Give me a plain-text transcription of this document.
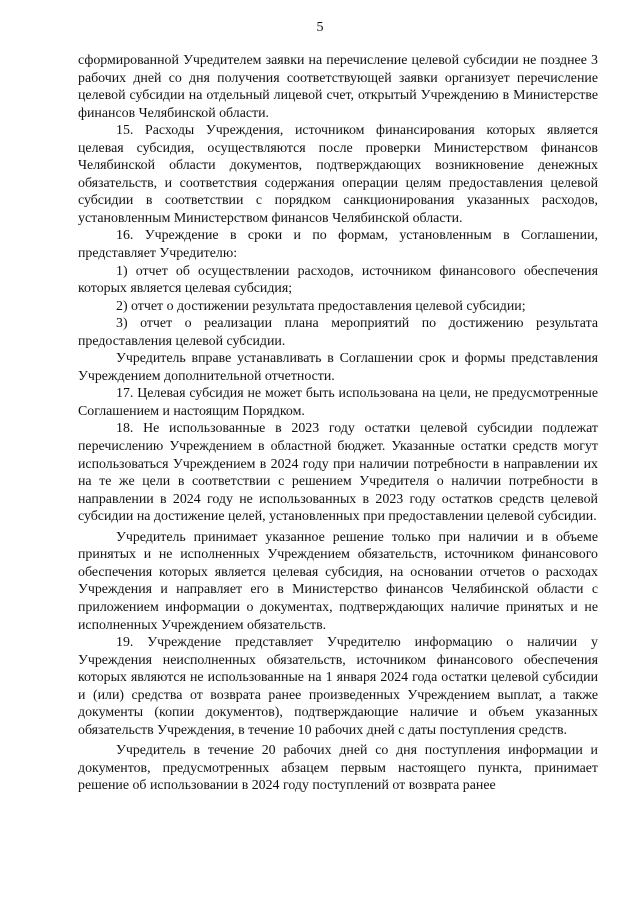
5

сформированной Учредителем заявки на перечисление целевой субсидии не позднее 3 рабочих дней со дня получения соответствующей заявки организует перечисление целевой субсидии на отдельный лицевой счет, открытый Учреждению в Министерстве финансов Челябинской области.

15. Расходы Учреждения, источником финансирования которых является целевая субсидия, осуществляются после проверки Министерством финансов Челябинской области документов, подтверждающих возникновение денежных обязательств, и соответствия содержания операции целям предоставления целевой субсидии в соответствии с порядком санкционирования указанных расходов, установленным Министерством финансов Челябинской области.

16. Учреждение в сроки и по формам, установленным в Соглашении, представляет Учредителю:

1) отчет об осуществлении расходов, источником финансового обеспечения которых является целевая субсидия;

2) отчет о достижении результата предоставления целевой субсидии;

3) отчет о реализации плана мероприятий по достижению результата предоставления целевой субсидии.

Учредитель вправе устанавливать в Соглашении срок и формы представления Учреждением дополнительной отчетности.

17. Целевая субсидия не может быть использована на цели, не предусмотренные Соглашением и настоящим Порядком.

18. Не использованные в 2023 году остатки целевой субсидии подлежат перечислению Учреждением в областной бюджет. Указанные остатки средств могут использоваться Учреждением в 2024 году при наличии потребности в направлении их на те же цели в соответствии с решением Учредителя о наличии потребности в направлении в 2024 году не использованных в 2023 году остатков средств целевой субсидии на достижение целей, установленных при предоставлении целевой субсидии.

Учредитель принимает указанное решение только при наличии и в объеме принятых и не исполненных Учреждением обязательств, источником финансового обеспечения которых является целевая субсидия, на основании отчетов о расходах Учреждения и направляет его в Министерство финансов Челябинской области с приложением информации о документах, подтверждающих наличие принятых и не исполненных Учреждением обязательств.

19. Учреждение представляет Учредителю информацию о наличии у Учреждения неисполненных обязательств, источником финансового обеспечения которых являются не использованные на 1 января 2024 года остатки целевой субсидии и (или) средства от возврата ранее произведенных Учреждением выплат, а также документы (копии документов), подтверждающие наличие и объем указанных обязательств Учреждения, в течение 10 рабочих дней с даты поступления средств.

Учредитель в течение 20 рабочих дней со дня поступления информации и документов, предусмотренных абзацем первым настоящего пункта, принимает решение об использовании в 2024 году поступлений от возврата ранее
